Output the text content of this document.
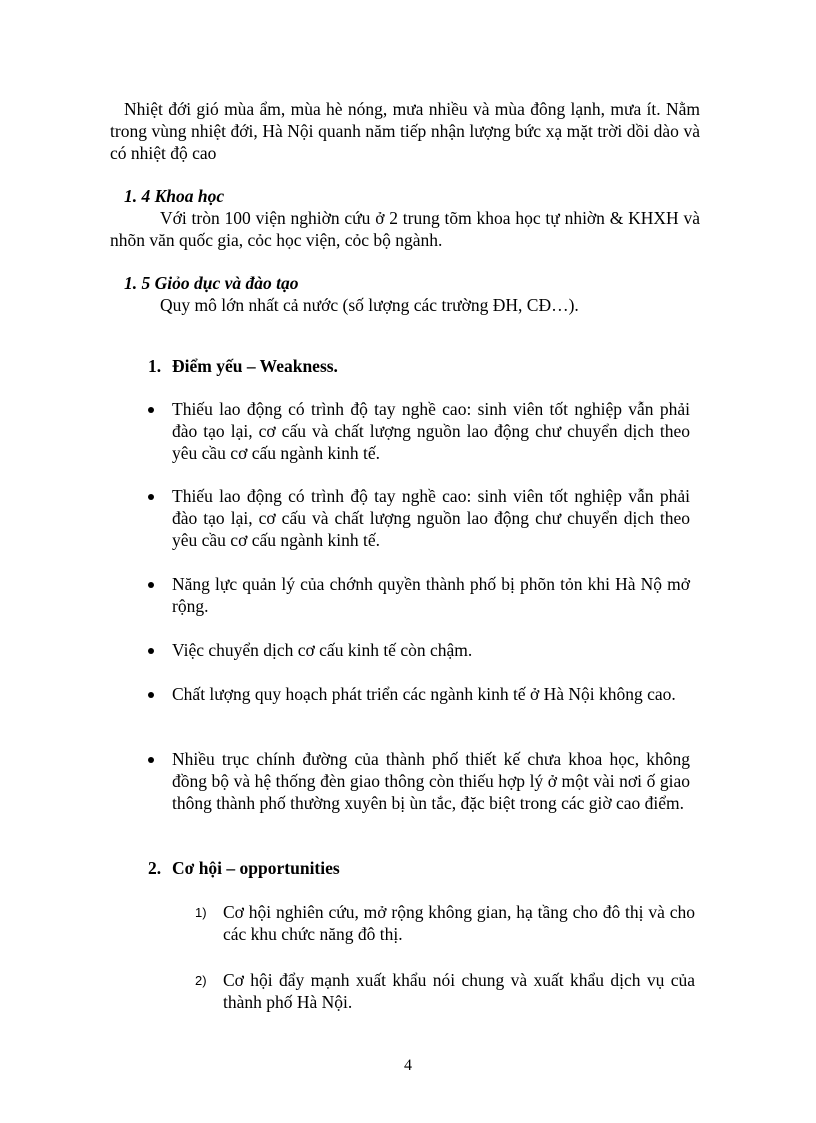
Nhiệt đới gió mùa ẩm, mùa hè nóng, mưa nhiều và mùa đông lạnh, mưa ít. Nằm trong vùng nhiệt đới, Hà Nội quanh năm tiếp nhận lượng bức xạ mặt trời dồi dào và có nhiệt độ cao

1. 4 Khoa học

Với tròn 100 viện nghiờn cứu ở 2 trung tõm khoa học tự nhiờn & KHXH và nhõn văn quốc gia, cỏc học viện, cỏc bộ ngành.

1. 5 Giỏo dục và đào tạo

Quy mô lớn nhất cả nước (số lượng các trường ĐH, CĐ…).

1. Điểm yếu – Weakness.
Thiếu lao động có trình độ tay nghề cao: sinh viên tốt nghiệp vẫn phải đào tạo lại, cơ cấu và chất lượng nguồn lao động chư chuyển dịch theo yêu cầu cơ cấu ngành kinh tế.
Thiếu lao động có trình độ tay nghề cao: sinh viên tốt nghiệp vẫn phải đào tạo lại, cơ cấu và chất lượng nguồn lao động chư chuyển dịch theo yêu cầu cơ cấu ngành kinh tế.
Năng lực quản lý của chớnh quyền thành phố bị phõn tỏn khi Hà Nộ mở rộng.
Việc chuyển dịch cơ cấu kinh tế còn chậm.
Chất lượng quy hoạch phát triển các ngành kinh tế ở Hà Nội không cao.
Nhiều trục chính đường của thành phố thiết kế chưa khoa học, không đồng bộ và hệ thống đèn giao thông còn thiếu hợp lý ở một vài nơi ố giao thông thành phố thường xuyên bị ùn tắc, đặc biệt trong các giờ cao điểm.
2. Cơ hội – opportunities
1) Cơ hội nghiên cứu, mở rộng không gian, hạ tầng cho đô thị và cho các khu chức năng đô thị.
2) Cơ hội đẩy mạnh xuất khẩu nói chung và xuất khẩu dịch vụ của thành phố Hà Nội.
4
